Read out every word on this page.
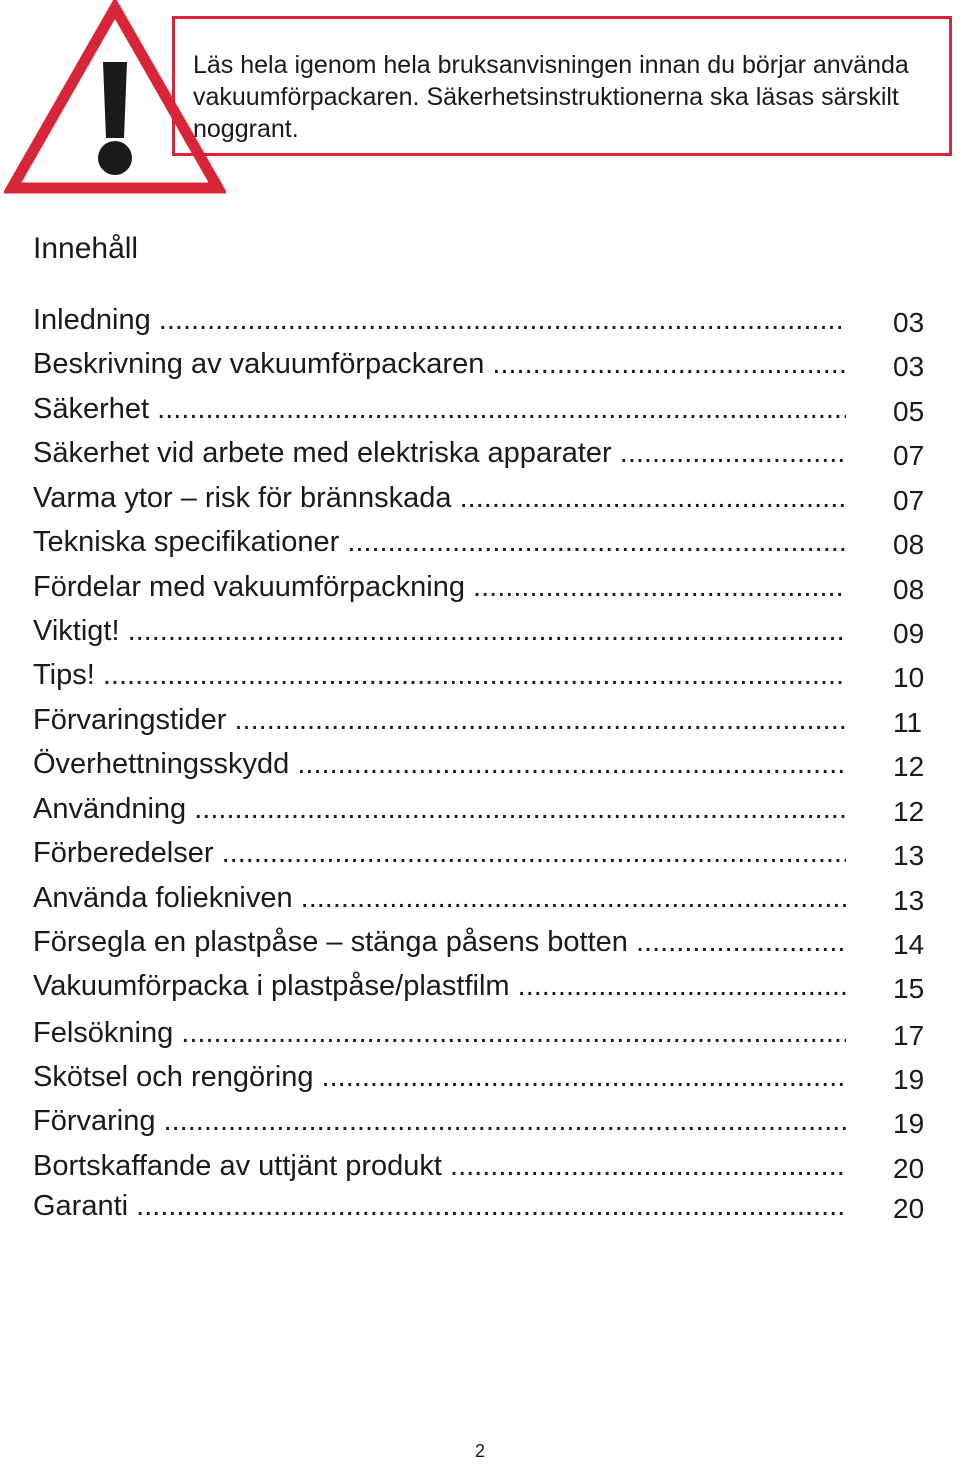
Läs hela igenom hela bruksanvisningen innan du börjar använda
vakuumförpackaren. Säkerhetsinstruktionerna ska läsas särskilt
noggrant.
Innehåll
Inledning .....	03
Beskrivning av vakuumförpackaren .....	03
Säkerhet .....	05
Säkerhet vid arbete med elektriska apparater .....	07
Varma ytor – risk för brännskada .....	07
Tekniska specifikationer .....	08
Fördelar med vakuumförpackning .....	08
Viktigt! .....	09
Tips! .....	10
Förvaringstider .....	11
Överhettningsskydd .....	12
Användning .....	12
Förberedelser .....	13
Använda foliekniven .....	13
Försegla en plastpåse – stänga påsens botten .....	14
Vakuumförpacka i plastpåse/plastfilm .....	15
Felsökning .....	17
Skötsel och rengöring .....	19
Förvaring .....	19
Bortskaffande av uttjänt produkt .....	20
Garanti .....	20
2
